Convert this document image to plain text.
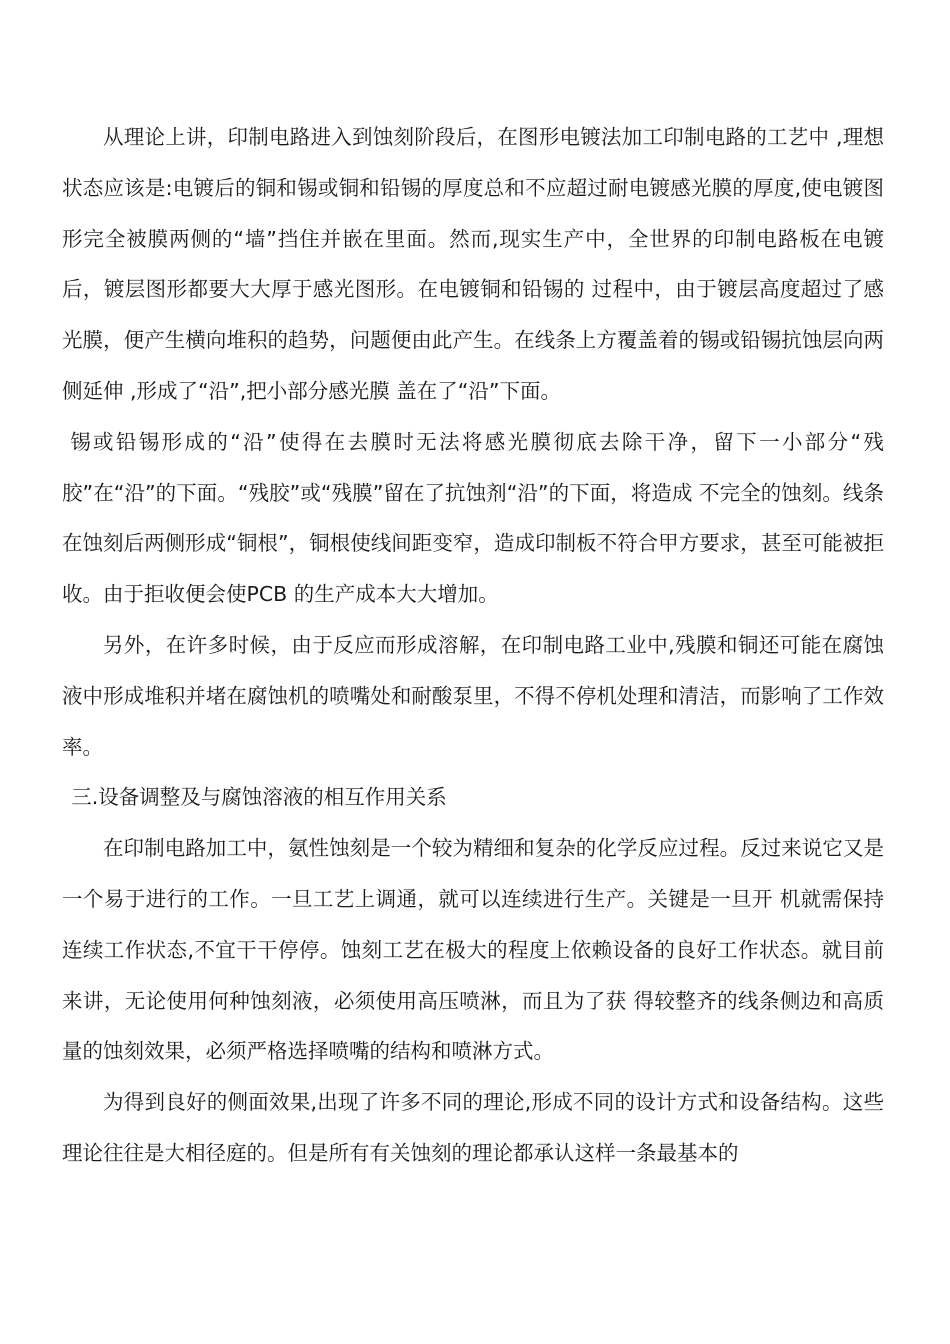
从理论上讲，印制电路进入到蚀刻阶段后，在图形电镀法加工印制电路的工艺中 ,理想状态应该是:电镀后的铜和锡或铜和铅锡的厚度总和不应超过耐电镀感光膜的厚度,使电镀图形完全被膜两侧的“墙”挡住并嵌在里面。然而,现实生产中，全世界的印制电路板在电镀后，镀层图形都要大大厚于感光图形。在电镀铜和铅锡的 过程中，由于镀层高度超过了感光膜，便产生横向堆积的趋势，问题便由此产生。在线条上方覆盖着的锡或铅锡抗蚀层向两侧延伸 ,形成了“沿”,把小部分感光膜 盖在了“沿”下面。

锡或铅锡形成的“沿”使得在去膜时无法将感光膜彻底去除干净，留下一小部分“残胶”在“沿”的下面。“残胶”或“残膜”留在了抗蚀剂“沿”的下面，将造成 不完全的蚀刻。线条在蚀刻后两侧形成“铜根”，铜根使线间距变窄，造成印制板不符合甲方要求，甚至可能被拒收。由于拒收便会使PCB 的生产成本大大增加。

另外，在许多时候，由于反应而形成溶解，在印制电路工业中,残膜和铜还可能在腐蚀液中形成堆积并堵在腐蚀机的喷嘴处和耐酸泵里，不得不停机处理和清洁，而影响了工作效率。

三.设备调整及与腐蚀溶液的相互作用关系

在印制电路加工中，氨性蚀刻是一个较为精细和复杂的化学反应过程。反过来说它又是一个易于进行的工作。一旦工艺上调通，就可以连续进行生产。关键是一旦开 机就需保持连续工作状态,不宜干干停停。蚀刻工艺在极大的程度上依赖设备的良好工作状态。就目前来讲，无论使用何种蚀刻液，必须使用高压喷淋，而且为了获 得较整齐的线条侧边和高质量的蚀刻效果，必须严格选择喷嘴的结构和喷淋方式。

为得到良好的侧面效果,出现了许多不同的理论,形成不同的设计方式和设备结构。这些理论往往是大相径庭的。但是所有有关蚀刻的理论都承认这样一条最基本的
